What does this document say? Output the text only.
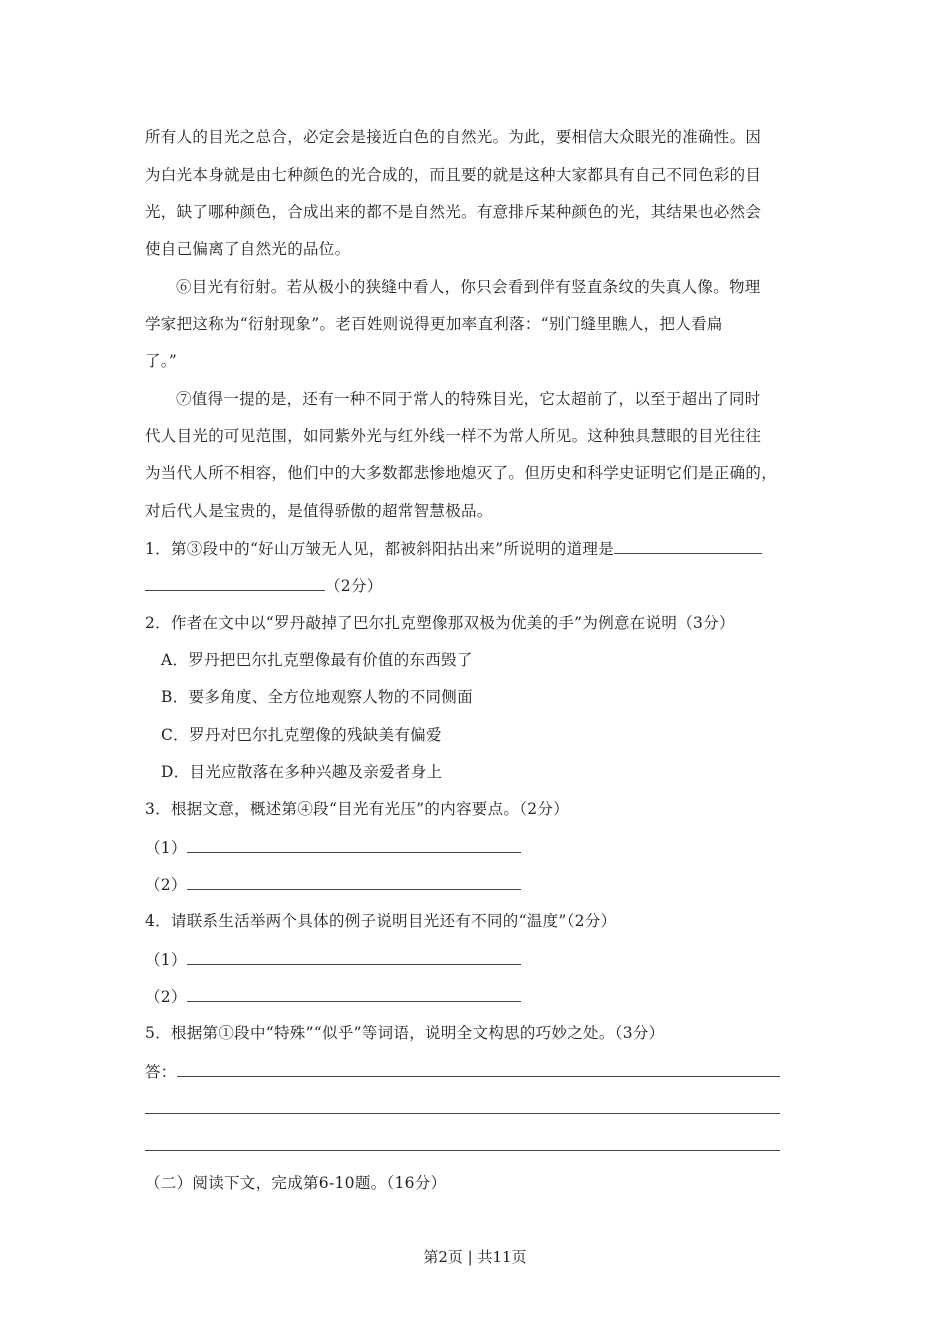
所有人的目光之总合，必定会是接近白色的自然光。为此，要相信大众眼光的准确性。因
为白光本身就是由七种颜色的光合成的，而且要的就是这种大家都具有自己不同色彩的目
光，缺了哪种颜色，合成出来的都不是自然光。有意排斥某种颜色的光，其结果也必然会
使自己偏离了自然光的品位。
⑥目光有衍射。若从极小的狭缝中看人，你只会看到伴有竖直条纹的失真人像。物理
学家把这称为“衍射现象”。老百姓则说得更加率直利落：“别门缝里瞧人，把人看扁
了。”
⑦值得一提的是，还有一种不同于常人的特殊目光，它太超前了，以至于超出了同时
代人目光的可见范围，如同紫外光与红外线一样不为常人所见。这种独具慧眼的目光往往
为当代人所不相容，他们中的大多数都悲惨地熄灭了。但历史和科学史证明它们是正确的，
对后代人是宝贵的，是值得骄傲的超常智慧极品。
1．第③段中的“好山万皱无人见，都被斜阳拈出来”所说明的道理是
（2分）
2．作者在文中以“罗丹敲掉了巴尔扎克塑像那双极为优美的手”为例意在说明（3分）
A．罗丹把巴尔扎克塑像最有价值的东西毁了
B．要多角度、全方位地观察人物的不同侧面
C．罗丹对巴尔扎克塑像的残缺美有偏爱
D．目光应散落在多种兴趣及亲爱者身上
3．根据文意，概述第④段“目光有光压”的内容要点。（2分）
（1）
（2）
4．请联系生活举两个具体的例子说明目光还有不同的“温度”（2分）
（1）
（2）
5．根据第①段中“特殊”“似乎”等词语，说明全文构思的巧妙之处。（3分）
答：
（二）阅读下文，完成第6-10题。（16分）
第2页 | 共11页
